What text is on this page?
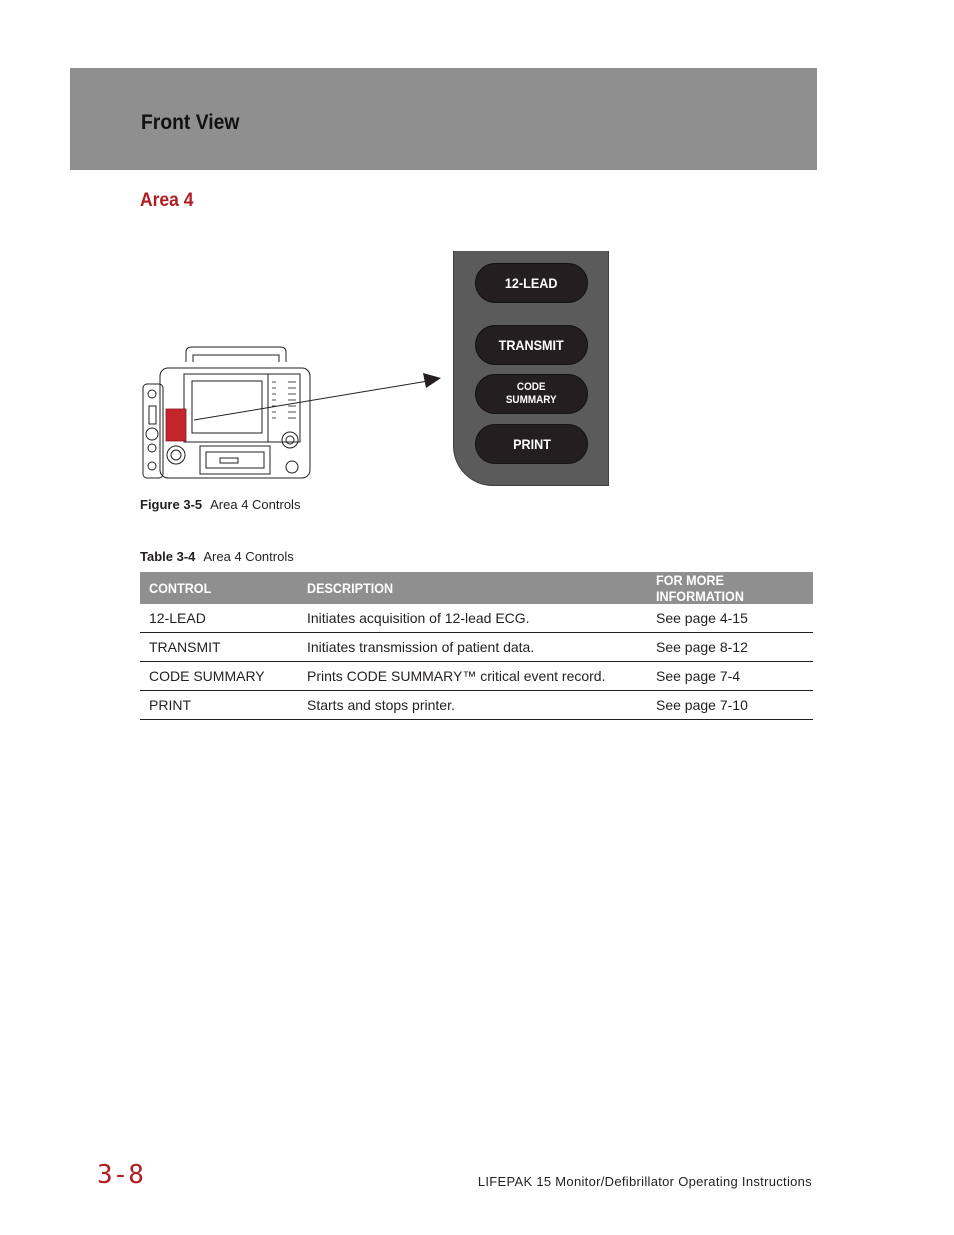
Front View
Area 4
12-LEAD
TRANSMIT
CODE
SUMMARY
PRINT
Figure 3-5 Area 4 Controls
Table 3-4 Area 4 Controls
CONTROL	DESCRIPTION	FOR MORE INFORMATION
12-LEAD	Initiates acquisition of 12-lead ECG.	See page 4-15
TRANSMIT	Initiates transmission of patient data.	See page 8-12
CODE SUMMARY	Prints CODE SUMMARY™ critical event record.	See page 7-4
PRINT	Starts and stops printer.	See page 7-10
3-8	LIFEPAK 15 Monitor/Defibrillator Operating Instructions
